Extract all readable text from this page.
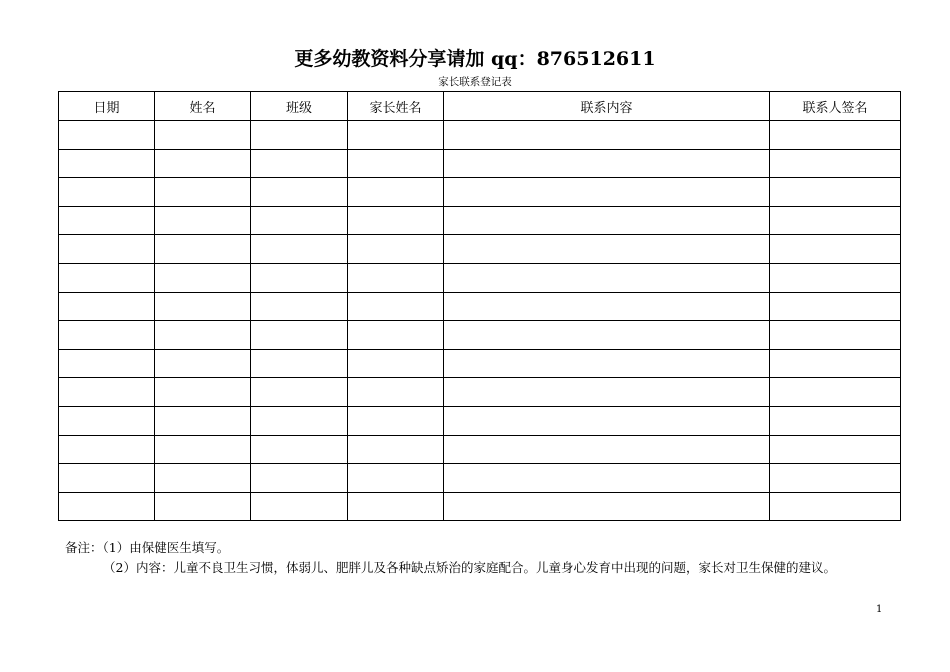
更多幼教资料分享请加 qq：876512611
家长联系登记表
日期	姓名	班级	家长姓名	联系内容	联系人签名

备注：（1）由保健医生填写。
（2）内容：儿童不良卫生习惯，体弱儿、肥胖儿及各种缺点矫治的家庭配合。儿童身心发育中出现的问题，家长对卫生保健的建议。
1
